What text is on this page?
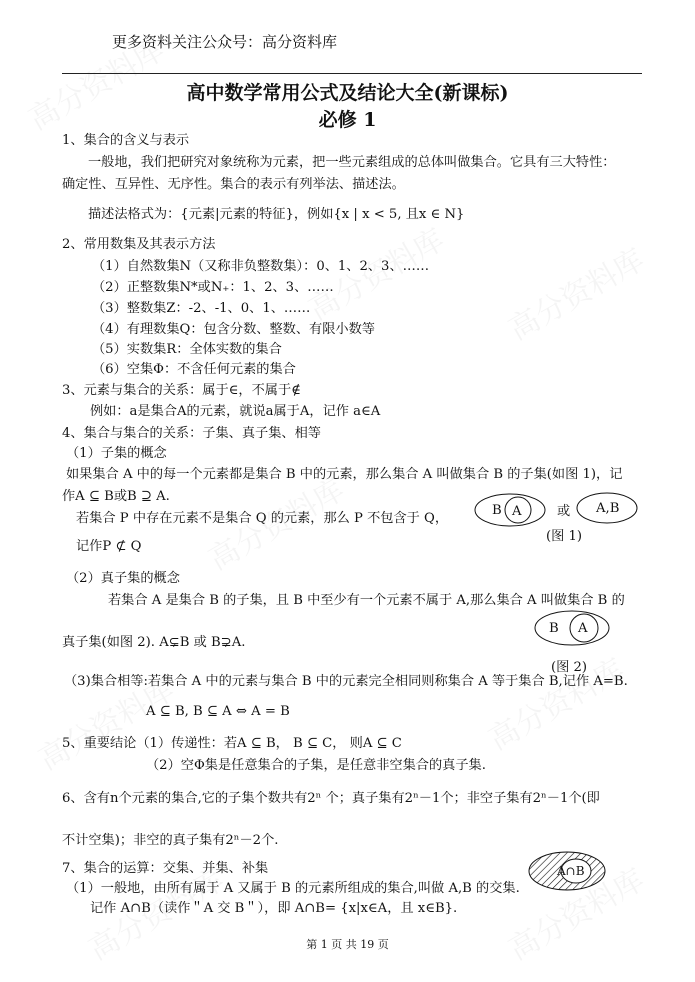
更多资料关注公众号：高分资料库
高中数学常用公式及结论大全(新课标)
必修 1
1、集合的含义与表示
一般地，我们把研究对象统称为元素，把一些元素组成的总体叫做集合。它具有三大特性：
确定性、互异性、无序性。集合的表示有列举法、描述法。
描述法格式为：{元素|元素的特征}，例如{x | x < 5, 且x ∈ N}
2、常用数集及其表示方法
（1）自然数集N（又称非负整数集）：0、1、2、3、……
（2）正整数集N*或N₊：1、2、3、……
（3）整数集Z：-2、-1、0、1、……
（4）有理数集Q：包含分数、整数、有限小数等
（5）实数集R：全体实数的集合
（6）空集Φ：不含任何元素的集合
3、元素与集合的关系：属于∈，不属于∉
例如：a是集合A的元素，就说a属于A，记作 a∈A
4、集合与集合的关系：子集、真子集、相等
（1）子集的概念
如果集合 A 中的每一个元素都是集合 B 中的元素，那么集合 A 叫做集合 B 的子集(如图 1)，记
作A ⊆ B或B ⊇ A.
若集合 P 中存在元素不是集合 Q 的元素，那么 P 不包含于 Q，
记作P ⊄ Q
B A	或 A,B
(图 1)
（2）真子集的概念
若集合 A 是集合 B 的子集，且 B 中至少有一个元素不属于 A,那么集合 A 叫做集合 B 的
真子集(如图 2). A⊊B 或 B⊋A.
B A
(图 2)
（3)集合相等:若集合 A 中的元素与集合 B 中的元素完全相同则称集合 A 等于集合 B,记作 A=B.
A ⊆ B, B ⊆ A ⇔ A = B
5、重要结论（1）传递性：若A ⊆ B， B ⊆ C， 则A ⊆ C
（2）空Φ集是任意集合的子集，是任意非空集合的真子集.
6、含有n个元素的集合,它的子集个数共有2ⁿ 个；真子集有2ⁿ－1个；非空子集有2ⁿ－1个(即
不计空集)；非空的真子集有2ⁿ－2个.
7、集合的运算：交集、并集、补集
（1）一般地，由所有属于 A 又属于 B 的元素所组成的集合,叫做 A,B 的交集.
记作 A∩B（读作＂A 交 B＂），即 A∩B= {x|x∈A，且 x∈B}.
A∩B
第 1 页 共 19 页
